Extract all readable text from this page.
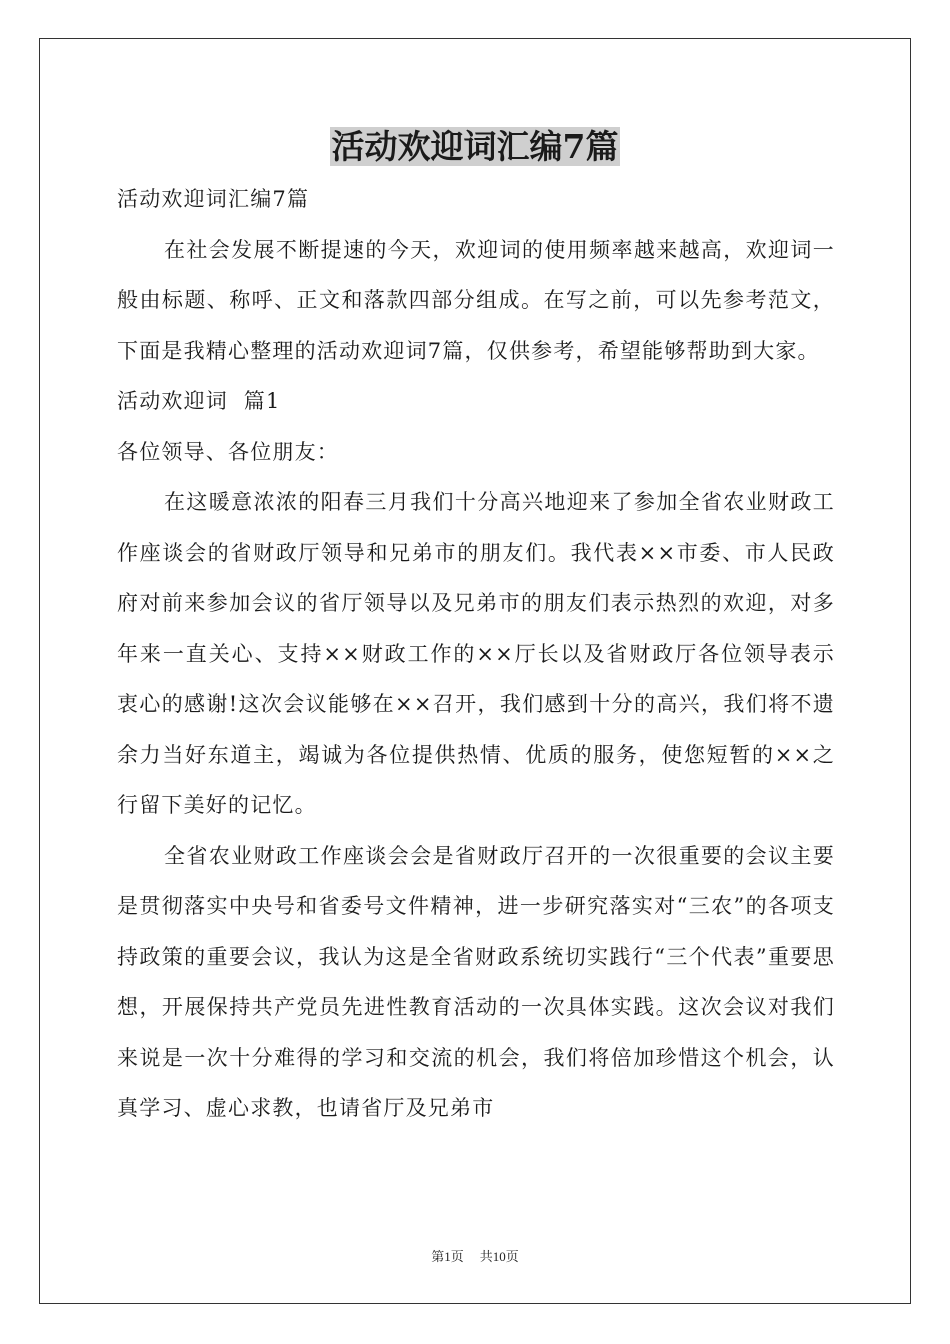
活动欢迎词汇编7篇

活动欢迎词汇编7篇

在社会发展不断提速的今天，欢迎词的使用频率越来越高，欢迎词一般由标题、称呼、正文和落款四部分组成。在写之前，可以先参考范文，下面是我精心整理的活动欢迎词7篇，仅供参考，希望能够帮助到大家。

活动欢迎词  篇1

各位领导、各位朋友：

在这暖意浓浓的阳春三月我们十分高兴地迎来了参加全省农业财政工作座谈会的省财政厅领导和兄弟市的朋友们。我代表××市委、市人民政府对前来参加会议的省厅领导以及兄弟市的朋友们表示热烈的欢迎，对多年来一直关心、支持××财政工作的××厅长以及省财政厅各位领导表示衷心的感谢!这次会议能够在××召开，我们感到十分的高兴，我们将不遗余力当好东道主，竭诚为各位提供热情、优质的服务，使您短暂的××之行留下美好的记忆。

全省农业财政工作座谈会会是省财政厅召开的一次很重要的会议主要是贯彻落实中央号和省委号文件精神，进一步研究落实对“三农”的各项支持政策的重要会议，我认为这是全省财政系统切实践行“三个代表”重要思想，开展保持共产党员先进性教育活动的一次具体实践。这次会议对我们来说是一次十分难得的学习和交流的机会，我们将倍加珍惜这个机会，认真学习、虚心求教，也请省厅及兄弟市

第1页 共10页
